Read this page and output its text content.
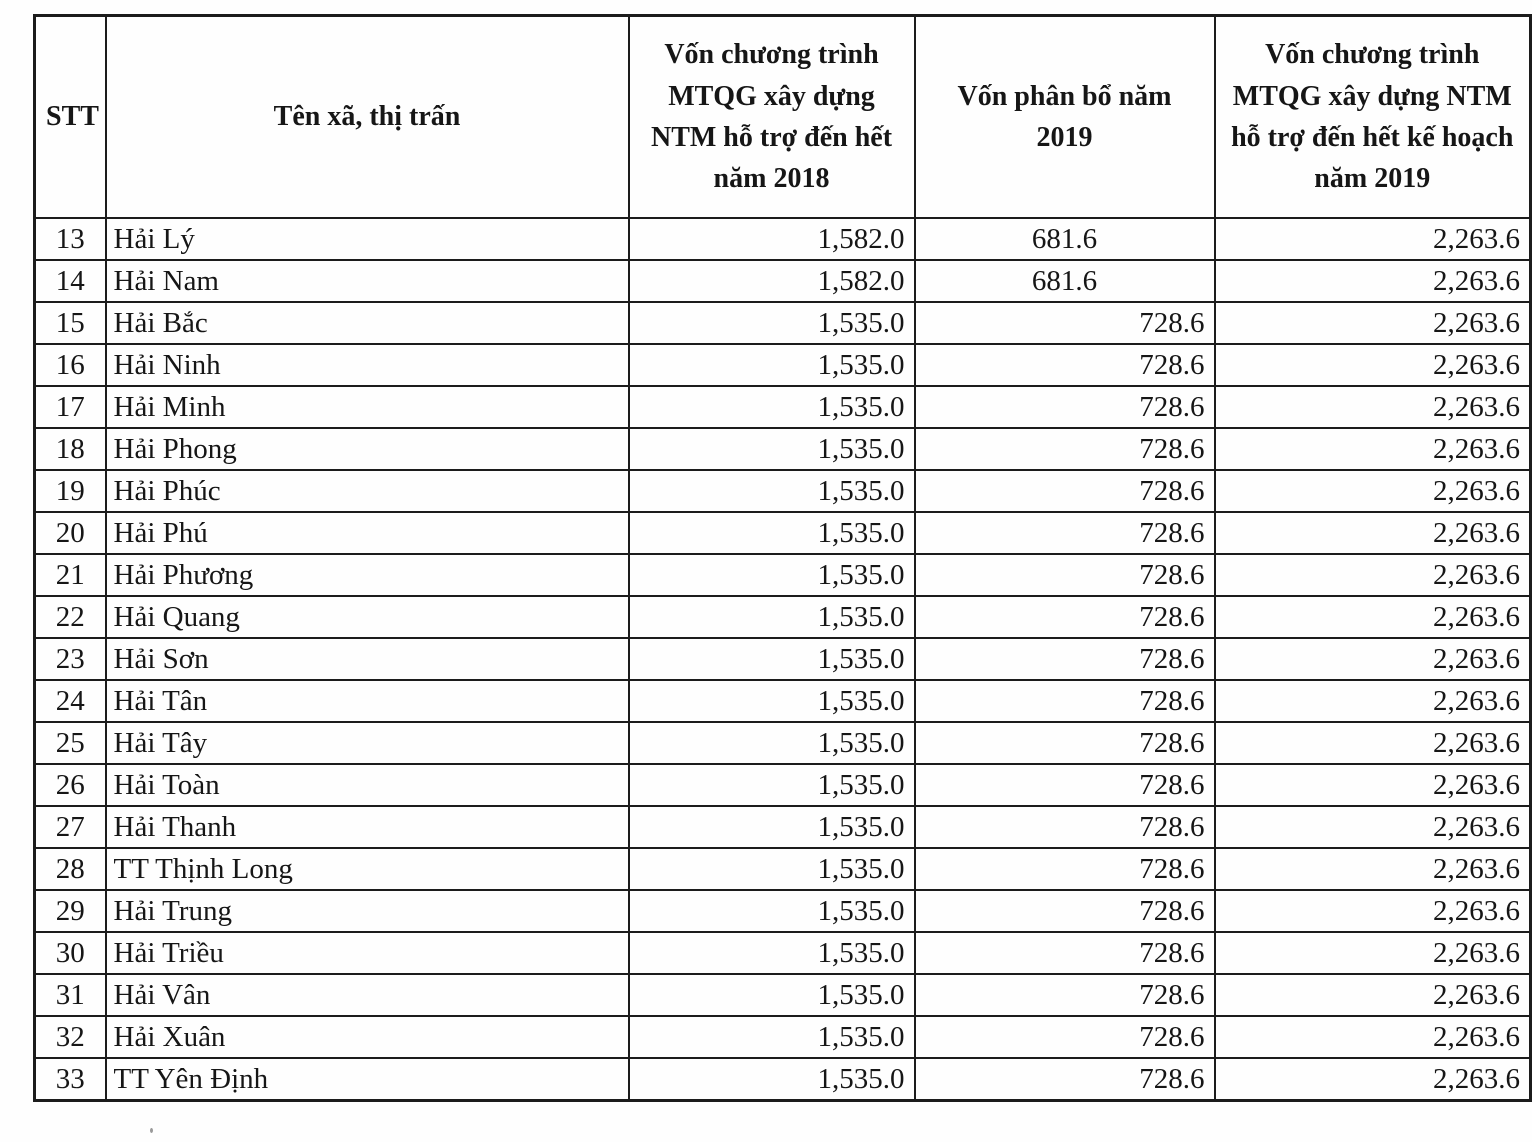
STT	Tên xã, thị trấn	Vốn chương trình MTQG xây dựng NTM hỗ trợ đến hết năm 2018	Vốn phân bổ năm 2019	Vốn chương trình MTQG xây dựng NTM hỗ trợ đến hết kế hoạch năm 2019
13	Hải Lý	1,582.0	681.6	2,263.6
14	Hải Nam	1,582.0	681.6	2,263.6
15	Hải Bắc	1,535.0	728.6	2,263.6
16	Hải Ninh	1,535.0	728.6	2,263.6
17	Hải Minh	1,535.0	728.6	2,263.6
18	Hải Phong	1,535.0	728.6	2,263.6
19	Hải Phúc	1,535.0	728.6	2,263.6
20	Hải Phú	1,535.0	728.6	2,263.6
21	Hải Phương	1,535.0	728.6	2,263.6
22	Hải Quang	1,535.0	728.6	2,263.6
23	Hải Sơn	1,535.0	728.6	2,263.6
24	Hải Tân	1,535.0	728.6	2,263.6
25	Hải Tây	1,535.0	728.6	2,263.6
26	Hải Toàn	1,535.0	728.6	2,263.6
27	Hải Thanh	1,535.0	728.6	2,263.6
28	TT Thịnh Long	1,535.0	728.6	2,263.6
29	Hải Trung	1,535.0	728.6	2,263.6
30	Hải Triều	1,535.0	728.6	2,263.6
31	Hải Vân	1,535.0	728.6	2,263.6
32	Hải Xuân	1,535.0	728.6	2,263.6
33	TT Yên Định	1,535.0	728.6	2,263.6
